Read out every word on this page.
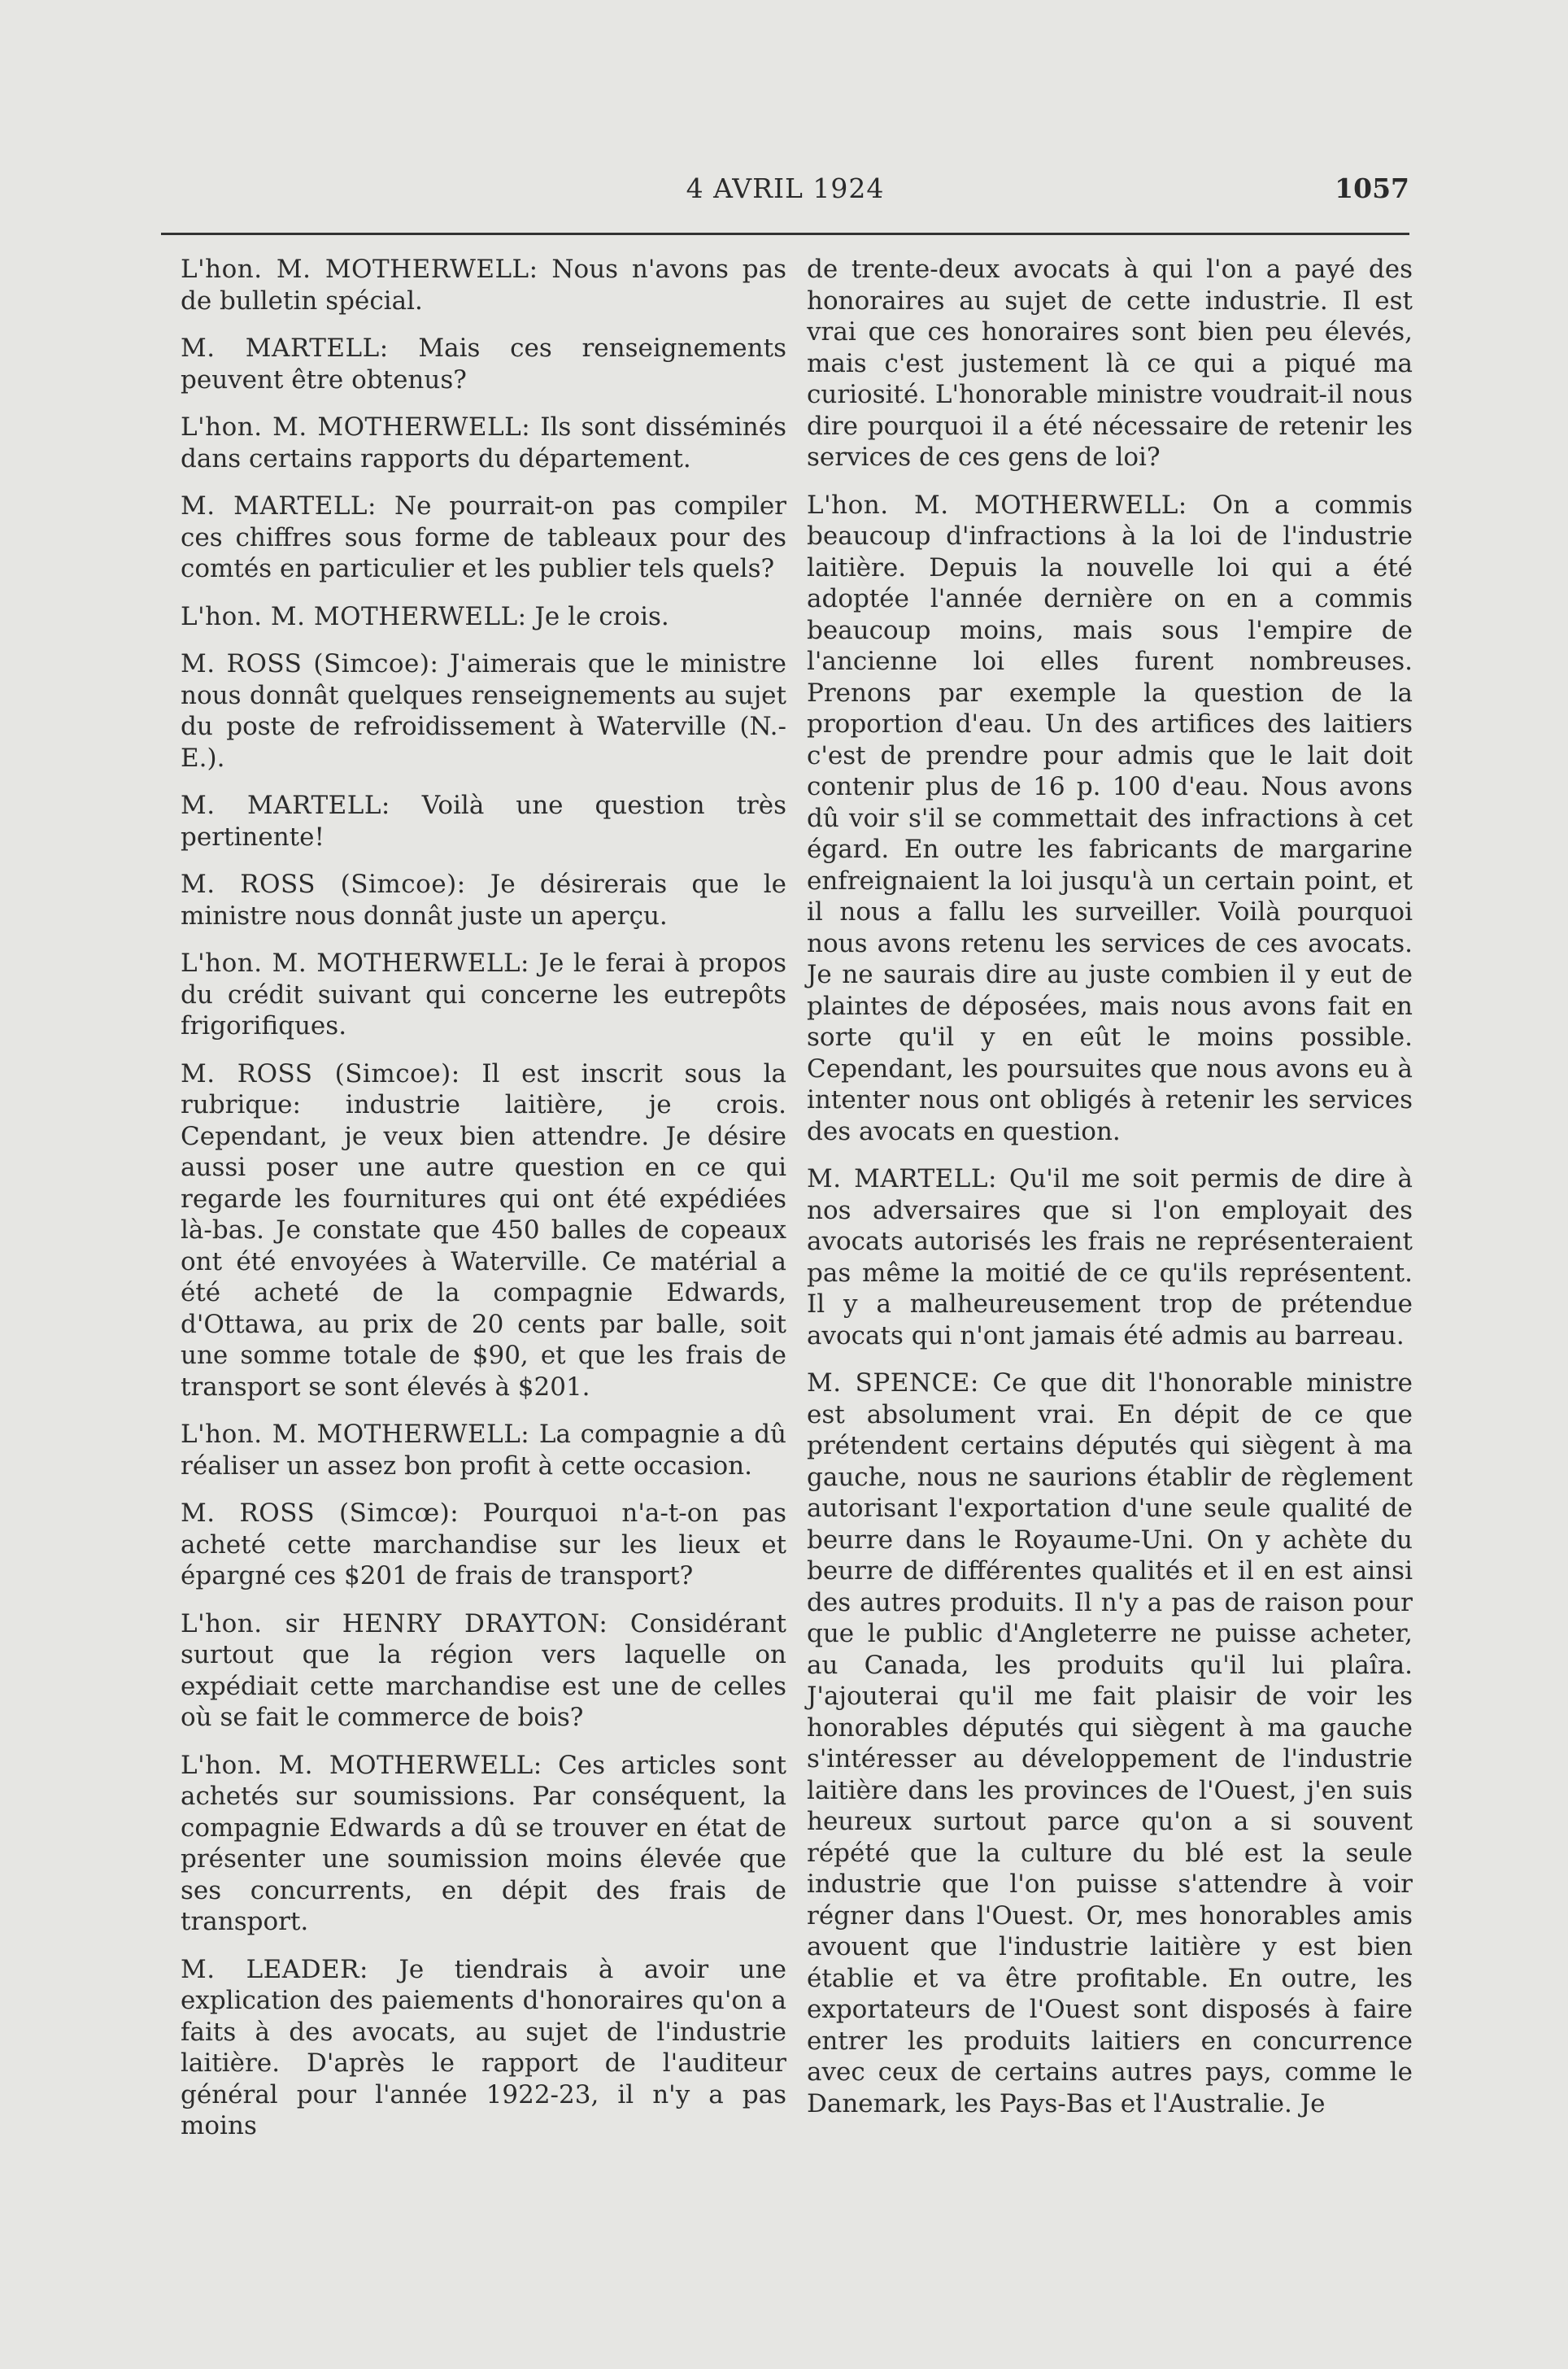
4 AVRIL 1924	1057

L'hon. M. MOTHERWELL: Nous n'avons pas de bulletin spécial.

M. MARTELL: Mais ces renseignements peuvent être obtenus?

L'hon. M. MOTHERWELL: Ils sont disséminés dans certains rapports du département.

M. MARTELL: Ne pourrait-on pas compiler ces chiffres sous forme de tableaux pour des comtés en particulier et les publier tels quels?

L'hon. M. MOTHERWELL: Je le crois.

M. ROSS (Simcoe): J'aimerais que le ministre nous donnât quelques renseignements au sujet du poste de refroidissement à Waterville (N.-E.).

M. MARTELL: Voilà une question très pertinente!

M. ROSS (Simcoe): Je désirerais que le ministre nous donnât juste un aperçu.

L'hon. M. MOTHERWELL: Je le ferai à propos du crédit suivant qui concerne les eutrepôts frigorifiques.

M. ROSS (Simcoe): Il est inscrit sous la rubrique: industrie laitière, je crois. Cependant, je veux bien attendre. Je désire aussi poser une autre question en ce qui regarde les fournitures qui ont été expédiées là-bas. Je constate que 450 balles de copeaux ont été envoyées à Waterville. Ce matérial a été acheté de la compagnie Edwards, d'Ottawa, au prix de 20 cents par balle, soit une somme totale de $90, et que les frais de transport se sont élevés à $201.

L'hon. M. MOTHERWELL: La compagnie a dû réaliser un assez bon profit à cette occasion.

M. ROSS (Simcœ): Pourquoi n'a-t-on pas acheté cette marchandise sur les lieux et épargné ces $201 de frais de transport?

L'hon. sir HENRY DRAYTON: Considérant surtout que la région vers laquelle on expédiait cette marchandise est une de celles où se fait le commerce de bois?

L'hon. M. MOTHERWELL: Ces articles sont achetés sur soumissions. Par conséquent, la compagnie Edwards a dû se trouver en état de présenter une soumission moins élevée que ses concurrents, en dépit des frais de transport.

M. LEADER: Je tiendrais à avoir une explication des paiements d'honoraires qu'on a faits à des avocats, au sujet de l'industrie laitière. D'après le rapport de l'auditeur général pour l'année 1922-23, il n'y a pas moins

de trente-deux avocats à qui l'on a payé des honoraires au sujet de cette industrie. Il est vrai que ces honoraires sont bien peu élevés, mais c'est justement là ce qui a piqué ma curiosité. L'honorable ministre voudrait-il nous dire pourquoi il a été nécessaire de retenir les services de ces gens de loi?

L'hon. M. MOTHERWELL: On a commis beaucoup d'infractions à la loi de l'industrie laitière. Depuis la nouvelle loi qui a été adoptée l'année dernière on en a commis beaucoup moins, mais sous l'empire de l'ancienne loi elles furent nombreuses. Prenons par exemple la question de la proportion d'eau. Un des artifices des laitiers c'est de prendre pour admis que le lait doit contenir plus de 16 p. 100 d'eau. Nous avons dû voir s'il se commettait des infractions à cet égard. En outre les fabricants de margarine enfreignaient la loi jusqu'à un certain point, et il nous a fallu les surveiller. Voilà pourquoi nous avons retenu les services de ces avocats. Je ne saurais dire au juste combien il y eut de plaintes de déposées, mais nous avons fait en sorte qu'il y en eût le moins possible. Cependant, les poursuites que nous avons eu à intenter nous ont obligés à retenir les services des avocats en question.

M. MARTELL: Qu'il me soit permis de dire à nos adversaires que si l'on employait des avocats autorisés les frais ne représenteraient pas même la moitié de ce qu'ils représentent. Il y a malheureusement trop de prétendue avocats qui n'ont jamais été admis au barreau.

M. SPENCE: Ce que dit l'honorable ministre est absolument vrai. En dépit de ce que prétendent certains députés qui siègent à ma gauche, nous ne saurions établir de règlement autorisant l'exportation d'une seule qualité de beurre dans le Royaume-Uni. On y achète du beurre de différentes qualités et il en est ainsi des autres produits. Il n'y a pas de raison pour que le public d'Angleterre ne puisse acheter, au Canada, les produits qu'il lui plaîra. J'ajouterai qu'il me fait plaisir de voir les honorables députés qui siègent à ma gauche s'intéresser au développement de l'industrie laitière dans les provinces de l'Ouest, j'en suis heureux surtout parce qu'on a si souvent répété que la culture du blé est la seule industrie que l'on puisse s'attendre à voir régner dans l'Ouest. Or, mes honorables amis avouent que l'industrie laitière y est bien établie et va être profitable. En outre, les exportateurs de l'Ouest sont disposés à faire entrer les produits laitiers en concurrence avec ceux de certains autres pays, comme le Danemark, les Pays-Bas et l'Australie. Je
